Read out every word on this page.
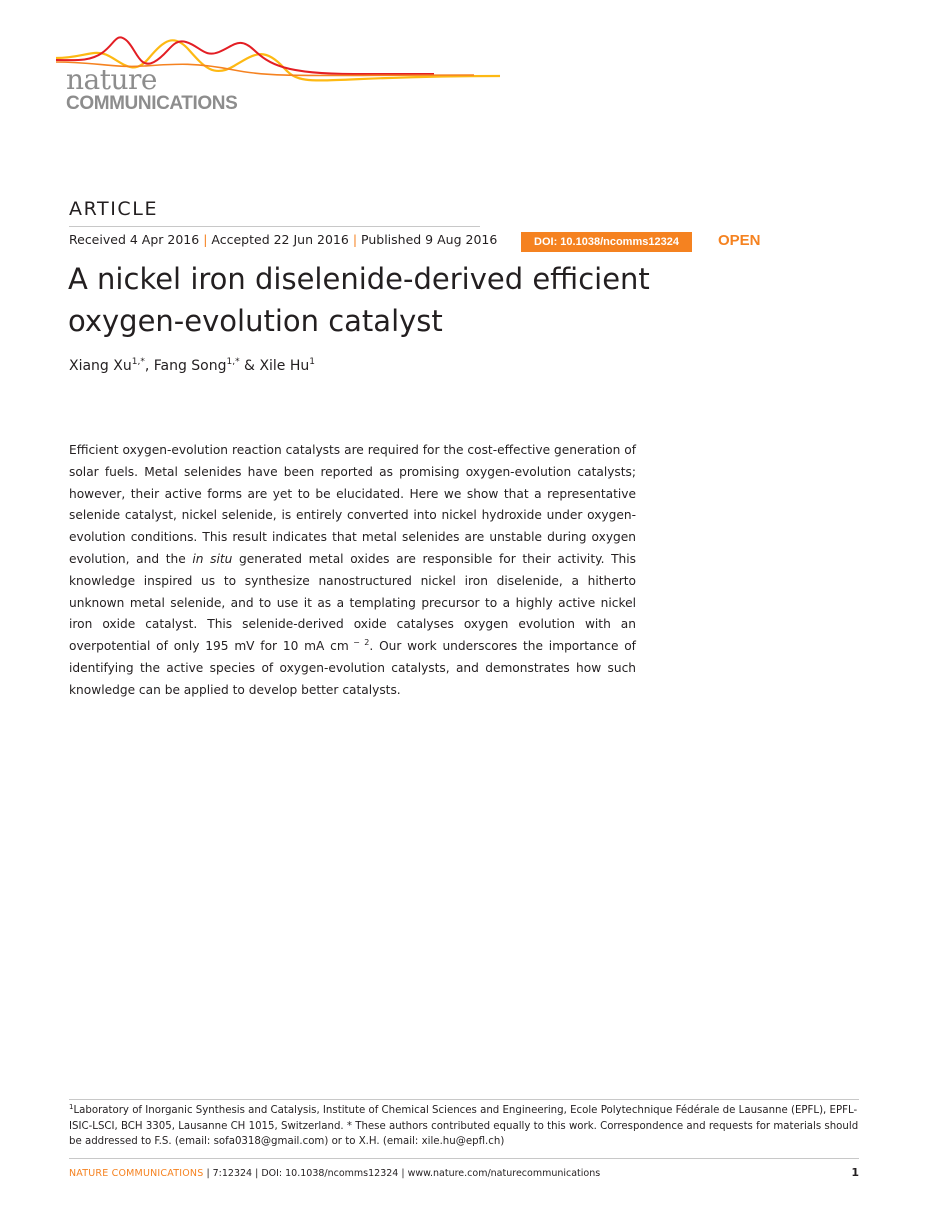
nature
COMMUNICATIONS
ARTICLE
Received 4 Apr 2016 | Accepted 22 Jun 2016 | Published 9 Aug 2016	DOI: 10.1038/ncomms12324	OPEN
A nickel iron diselenide-derived efficient oxygen-evolution catalyst
Xiang $Xu^{1,*}$, Fang Song$^{1,*}$ & Xile Hu$^1$

Efficient oxygen-evolution reaction catalysts are required for the cost-effective generation of solar fuels. Metal selenides have been reported as promising oxygen-evolution catalysts; however, their active forms are yet to be elucidated. Here we show that a representative selenide catalyst, nickel selenide, is entirely converted into nickel hydroxide under oxygen-evolution conditions. This result indicates that metal selenides are unstable during oxygen evolution, and the in situ generated metal oxides are responsible for their activity. This knowledge inspired us to synthesize nanostructured nickel iron diselenide, a hitherto unknown metal selenide, and to use it as a templating precursor to a highly active nickel iron oxide catalyst. This selenide-derived oxide catalyses oxygen evolution with an overpotential of only 195 mV for 10 mA cm $^{- 2}$. Our work underscores the importance of identifying the active species of oxygen-evolution catalysts, and demonstrates how such knowledge can be applied to develop better catalysts.

$^1$Laboratory of Inorganic Synthesis and Catalysis, Institute of Chemical Sciences and Engineering, Ecole Polytechnique Fédérale de Lausanne (EPFL), EPFL-ISIC-LSCI, BCH 3305, Lausanne CH 1015, Switzerland. * These authors contributed equally to this work. Correspondence and requests for materials should be addressed to F.S. (email: sofa0318@gmail.com) or to X.H. (email: xile.hu@epfl.ch)

NATURE COMMUNICATIONS | 7:12324 | DOI: 10.1038/ncomms12324 | www.nature.com/naturecommunications	1
